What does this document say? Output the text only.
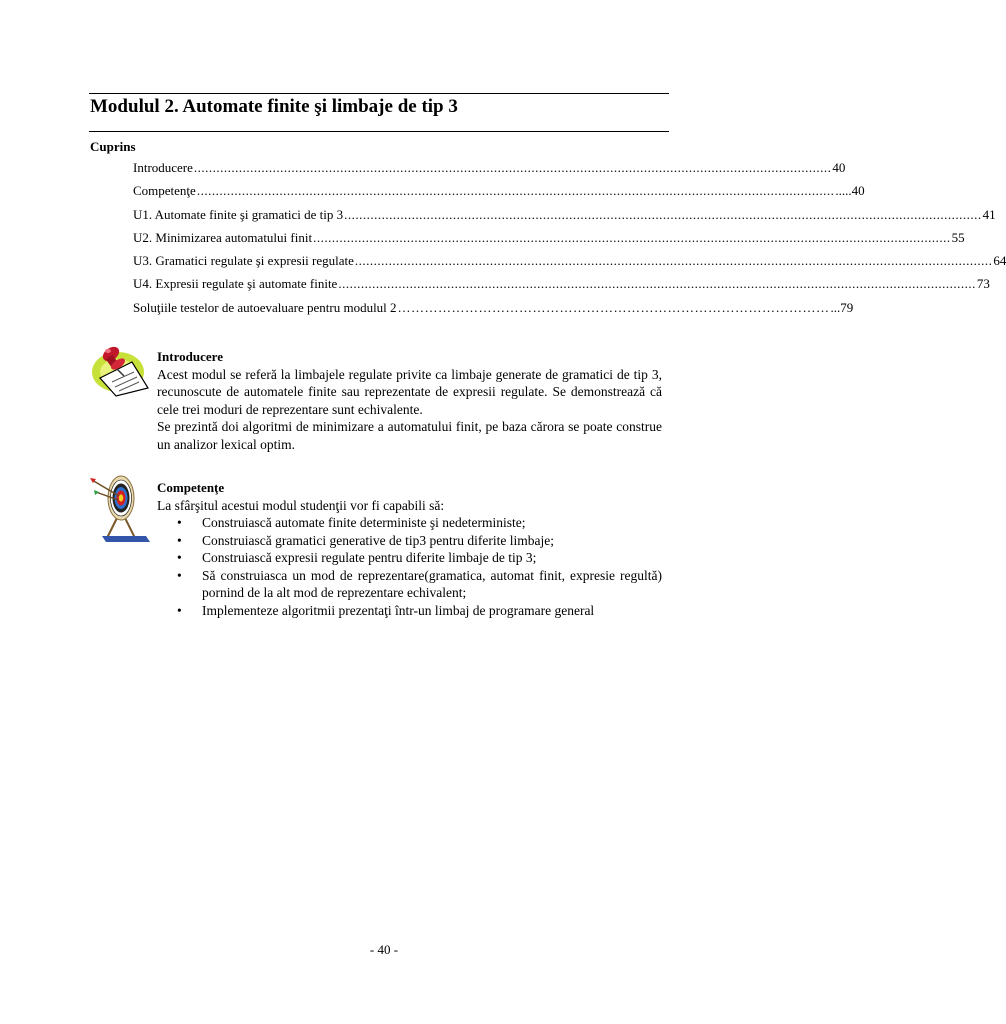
Modulul 2. Automate finite şi limbaje de tip 3
Cuprins
Introducere .......................................................................................................................................................................... 40
Competenţe .......................................................................................................................................................................... .....40
U1. Automate finite şi gramatici de tip 3 .......................................................................................................................................................................... 41
U2. Minimizarea automatului finit .......................................................................................................................................................................... 55
U3. Gramatici regulate şi expresii regulate .......................................................................................................................................................................... 64
U4. Expresii regulate şi automate finite .......................................................................................................................................................................... 73
Soluţiile testelor de autoevaluare pentru modulul 2 …………………………………………………………………………………… ...79
Introducere

Acest modul se referă la limbajele regulate privite ca limbaje generate de gramatici de tip 3, recunoscute de automatele finite sau reprezentate de expresii regulate. Se demonstrează că cele trei moduri de reprezentare sunt echivalente.

Se prezintă doi algoritmi de minimizare a automatului finit, pe baza cărora se poate construe un analizor lexical optim.

Competenţe

La sfârşitul acestui modul studenţii vor fi capabili să:

• Construiască automate finite deterministe şi nedeterministe;
• Construiască gramatici generative de tip3 pentru diferite limbaje;
• Construiască expresii regulate pentru diferite limbaje de tip 3;
• Să construiasca un mod de reprezentare(gramatica, automat finit, expresie regultă) pornind de la alt mod de reprezentare echivalent;
• Implementeze algoritmii prezentaţi într-un limbaj de programare general
- 40 -
